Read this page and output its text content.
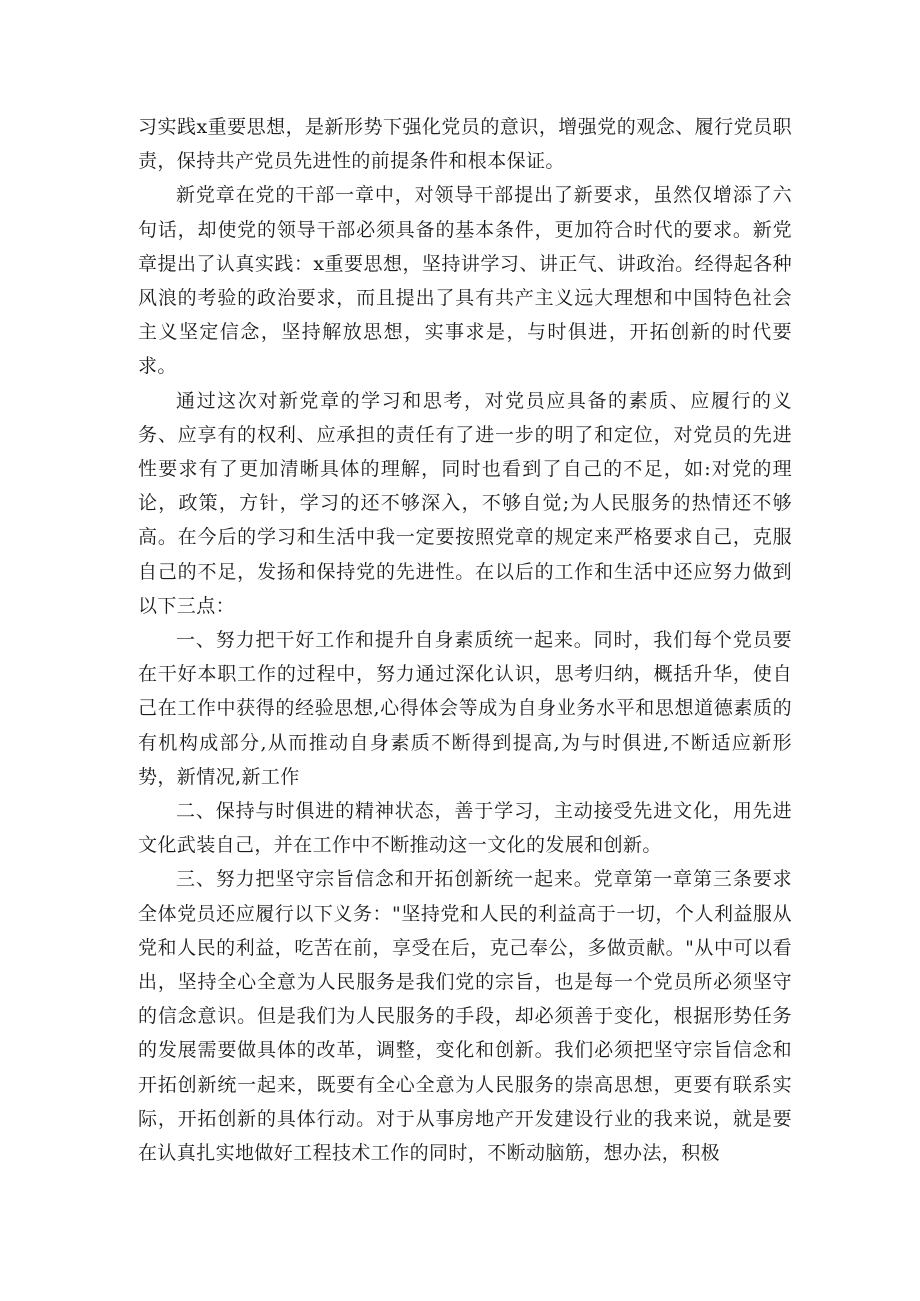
习实践x重要思想，是新形势下强化党员的意识，增强党的观念、履行党员职责，保持共产党员先进性的前提条件和根本保证。

新党章在党的干部一章中，对领导干部提出了新要求，虽然仅增添了六句话，却使党的领导干部必须具备的基本条件，更加符合时代的要求。新党章提出了认真实践：x重要思想，坚持讲学习、讲正气、讲政治。经得起各种风浪的考验的政治要求，而且提出了具有共产主义远大理想和中国特色社会主义坚定信念，坚持解放思想，实事求是，与时俱进，开拓创新的时代要求。

通过这次对新党章的学习和思考，对党员应具备的素质、应履行的义务、应享有的权利、应承担的责任有了进一步的明了和定位，对党员的先进性要求有了更加清晰具体的理解，同时也看到了自己的不足，如:对党的理论，政策，方针，学习的还不够深入，不够自觉;为人民服务的热情还不够高。在今后的学习和生活中我一定要按照党章的规定来严格要求自己，克服自己的不足，发扬和保持党的先进性。在以后的工作和生活中还应努力做到以下三点：

一、努力把干好工作和提升自身素质统一起来。同时，我们每个党员要在干好本职工作的过程中，努力通过深化认识，思考归纳，概括升华，使自己在工作中获得的经验思想,心得体会等成为自身业务水平和思想道德素质的有机构成部分,从而推动自身素质不断得到提高,为与时俱进,不断适应新形势，新情况,新工作

二、保持与时俱进的精神状态，善于学习，主动接受先进文化，用先进文化武装自己，并在工作中不断推动这一文化的发展和创新。

三、努力把坚守宗旨信念和开拓创新统一起来。党章第一章第三条要求全体党员还应履行以下义务："坚持党和人民的利益高于一切，个人利益服从党和人民的利益，吃苦在前，享受在后，克己奉公，多做贡献。"从中可以看出，坚持全心全意为人民服务是我们党的宗旨，也是每一个党员所必须坚守的信念意识。但是我们为人民服务的手段，却必须善于变化，根据形势任务的发展需要做具体的改革，调整，变化和创新。我们必须把坚守宗旨信念和开拓创新统一起来，既要有全心全意为人民服务的崇高思想，更要有联系实际，开拓创新的具体行动。对于从事房地产开发建设行业的我来说，就是要在认真扎实地做好工程技术工作的同时，不断动脑筋，想办法，积极
